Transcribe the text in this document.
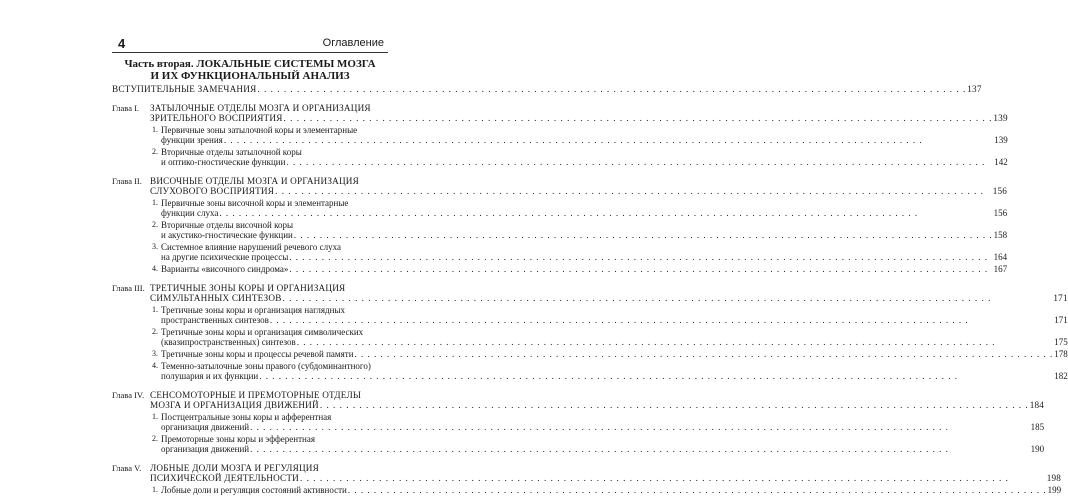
4	Оглавление
Часть вторая. ЛОКАЛЬНЫЕ СИСТЕМЫ МОЗГА
И ИХ ФУНКЦИОНАЛЬНЫЙ АНАЛИЗ
ВСТУПИТЕЛЬНЫЕ ЗАМЕЧАНИЯ . . .	137
Глава I.	ЗАТЫЛОЧНЫЕ ОТДЕЛЫ МОЗГА И ОРГАНИЗАЦИЯ
ЗРИТЕЛЬНОГО ВОСПРИЯТИЯ . . .	139
1. Первичные зоны затылочной коры и элементарные
функции зрения . . .	139
2. Вторичные отделы затылочной коры
и оптико-гностические функции . . .	142
Глава II. ВИСОЧНЫЕ ОТДЕЛЫ МОЗГА И ОРГАНИЗАЦИЯ
СЛУХОВОГО ВОСПРИЯТИЯ . . .	156
1. Первичные зоны височной коры и элементарные
функции слуха . . .	156
2. Вторичные отделы височной коры
и акустико-гностические функции . . .	158
3. Системное влияние нарушений речевого слуха
на другие психические процессы . . .	164
4. Варианты «височного синдрома» . . .	167
Глава III. ТРЕТИЧНЫЕ ЗОНЫ КОРЫ И ОРГАНИЗАЦИЯ
СИМУЛЬТАННЫХ СИНТЕЗОВ . . .	171
1. Третичные зоны коры и организация наглядных
пространственных синтезов . . .	171
2. Третичные зоны коры и организация символических
(квазипространственных) синтезов . . .	175
3. Третичные зоны коры и процессы речевой памяти . . .	178
4. Теменно-затылочные зоны правого (субдоминантного)
полушария и их функции . . .	182
Глава IV. СЕНСОМОТОРНЫЕ И ПРЕМОТОРНЫЕ ОТДЕЛЫ
МОЗГА И ОРГАНИЗАЦИЯ ДВИЖЕНИЙ . . .	184
1. Постцентральные зоны коры и афферентная
организация движений . . .	185
2. Премоторные зоны коры и эфферентная
организация движений . . .	190
Глава V. ЛОБНЫЕ ДОЛИ МОЗГА И РЕГУЛЯЦИЯ
ПСИХИЧЕСКОЙ ДЕЯТЕЛЬНОСТИ . . .	198
1. Лобные доли и регуляция состояний активности . . .	199
